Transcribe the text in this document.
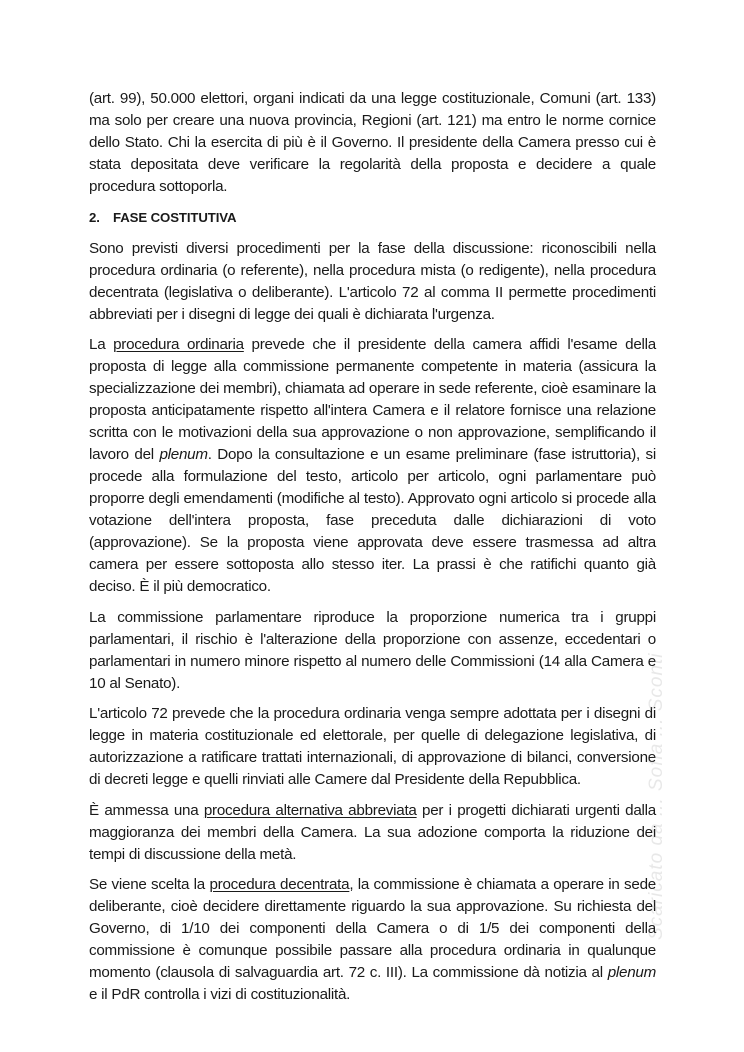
(art. 99), 50.000 elettori, organi indicati da una legge costituzionale, Comuni (art. 133) ma solo per creare una nuova provincia, Regioni (art. 121) ma entro le norme cornice dello Stato. Chi la esercita di più è il Governo. Il presidente della Camera presso cui è stata depositata deve verificare la regolarità della proposta e decidere a quale procedura sottoporla.

2. FASE COSTITUTIVA

Sono previsti diversi procedimenti per la fase della discussione: riconoscibili nella procedura ordinaria (o referente), nella procedura mista (o redigente), nella procedura decentrata (legislativa o deliberante). L'articolo 72 al comma II permette procedimenti abbreviati per i disegni di legge dei quali è dichiarata l'urgenza.

La procedura ordinaria prevede che il presidente della camera affidi l'esame della proposta di legge alla commissione permanente competente in materia (assicura la specializzazione dei membri), chiamata ad operare in sede referente, cioè esaminare la proposta anticipatamente rispetto all'intera Camera e il relatore fornisce una relazione scritta con le motivazioni della sua approvazione o non approvazione, semplificando il lavoro del plenum. Dopo la consultazione e un esame preliminare (fase istruttoria), si procede alla formulazione del testo, articolo per articolo, ogni parlamentare può proporre degli emendamenti (modifiche al testo). Approvato ogni articolo si procede alla votazione dell'intera proposta, fase preceduta dalle dichiarazioni di voto (approvazione). Se la proposta viene approvata deve essere trasmessa ad altra camera per essere sottoposta allo stesso iter. La prassi è che ratifichi quanto già deciso. È il più democratico.

La commissione parlamentare riproduce la proporzione numerica tra i gruppi parlamentari, il rischio è l'alterazione della proporzione con assenze, eccedentari o parlamentari in numero minore rispetto al numero delle Commissioni (14 alla Camera e 10 al Senato).

L'articolo 72 prevede che la procedura ordinaria venga sempre adottata per i disegni di legge in materia costituzionale ed elettorale, per quelle di delegazione legislativa, di autorizzazione a ratificare trattati internazionali, di approvazione di bilanci, conversione di decreti legge e quelli rinviati alle Camere dal Presidente della Repubblica.

È ammessa una procedura alternativa abbreviata per i progetti dichiarati urgenti dalla maggioranza dei membri della Camera. La sua adozione comporta la riduzione dei tempi di discussione della metà.

Se viene scelta la procedura decentrata, la commissione è chiamata a operare in sede deliberante, cioè decidere direttamente riguardo la sua approvazione. Su richiesta del Governo, di 1/10 dei componenti della Camera o di 1/5 dei componenti della commissione è comunque possibile passare alla procedura ordinaria in qualunque momento (clausola di salvaguardia art. 72 c. III). La commissione dà notizia al plenum e il PdR controlla i vizi di costituzionalità.

Scaricato da ... Sofia ... Sconti
